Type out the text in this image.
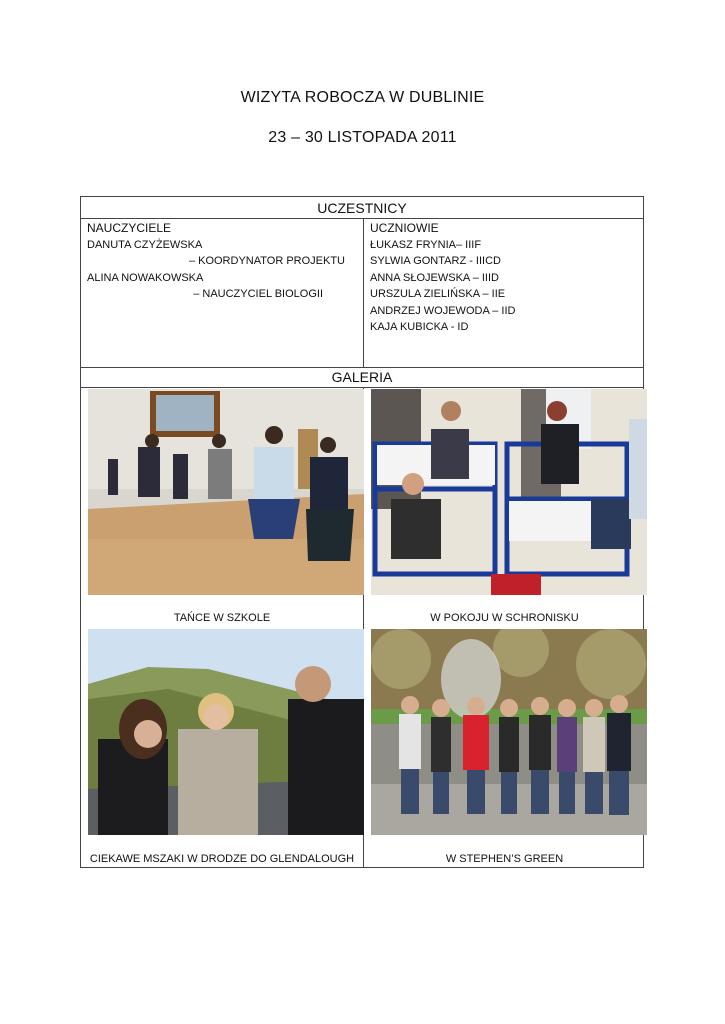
WIZYTA ROBOCZA W DUBLINIE
23 – 30 LISTOPADA 2011
UCZESTNICY
NAUCZYCIELE
DANUTA CZYŻEWSKA
– KOORDYNATOR PROJEKTU
ALINA NOWAKOWSKA
– NAUCZYCIEL BIOLOGII
UCZNIOWIE
ŁUKASZ FRYNIA– IIIF
SYLWIA GONTARZ - IIICD
ANNA SŁOJEWSKA – IIID
URSZULA ZIELIŃSKA – IIE
ANDRZEJ WOJEWODA – IID
KAJA KUBICKA - ID
GALERIA
TAŃCE W SZKOLE	W POKOJU W SCHRONISKU
CIEKAWE MSZAKI W DRODZE DO GLENDALOUGH	W STEPHEN’S GREEN
